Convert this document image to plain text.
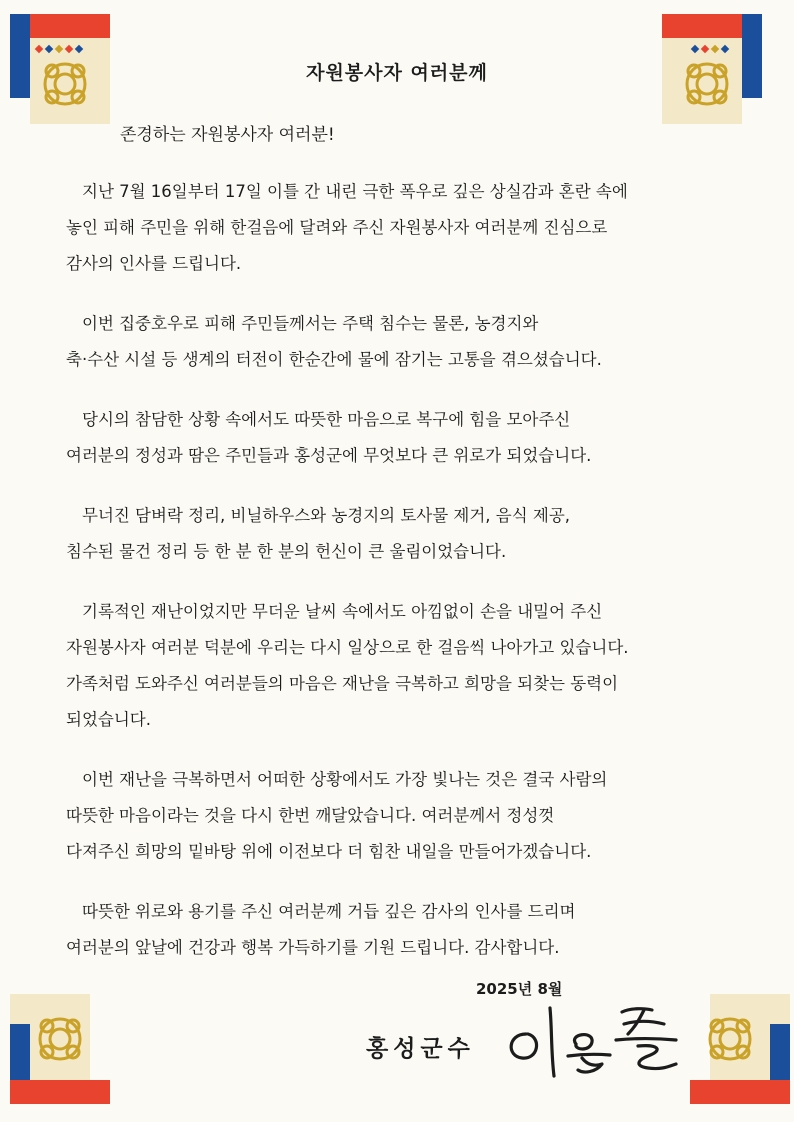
자원봉사자 여러분께
존경하는 자원봉사자 여러분!
지난 7월 16일부터 17일 이틀 간 내린 극한 폭우로 깊은 상실감과 혼란 속에
놓인 피해 주민을 위해 한걸음에 달려와 주신 자원봉사자 여러분께 진심으로
감사의 인사를 드립니다.
이번 집중호우로 피해 주민들께서는 주택 침수는 물론, 농경지와
축·수산 시설 등 생계의 터전이 한순간에 물에 잠기는 고통을 겪으셨습니다.
당시의 참담한 상황 속에서도 따뜻한 마음으로 복구에 힘을 모아주신
여러분의 정성과 땀은 주민들과 홍성군에 무엇보다 큰 위로가 되었습니다.
무너진 담벼락 정리, 비닐하우스와 농경지의 토사물 제거, 음식 제공,
침수된 물건 정리 등 한 분 한 분의 헌신이 큰 울림이었습니다.
기록적인 재난이었지만 무더운 날씨 속에서도 아낌없이 손을 내밀어 주신
자원봉사자 여러분 덕분에 우리는 다시 일상으로 한 걸음씩 나아가고 있습니다.
가족처럼 도와주신 여러분들의 마음은 재난을 극복하고 희망을 되찾는 동력이
되었습니다.
이번 재난을 극복하면서 어떠한 상황에서도 가장 빛나는 것은 결국 사람의
따뜻한 마음이라는 것을 다시 한번 깨달았습니다. 여러분께서 정성껏
다져주신 희망의 밑바탕 위에 이전보다 더 힘찬 내일을 만들어가겠습니다.
따뜻한 위로와 용기를 주신 여러분께 거듭 깊은 감사의 인사를 드리며
여러분의 앞날에 건강과 행복 가득하기를 기원 드립니다. 감사합니다.
2025년 8월
홍성군수
